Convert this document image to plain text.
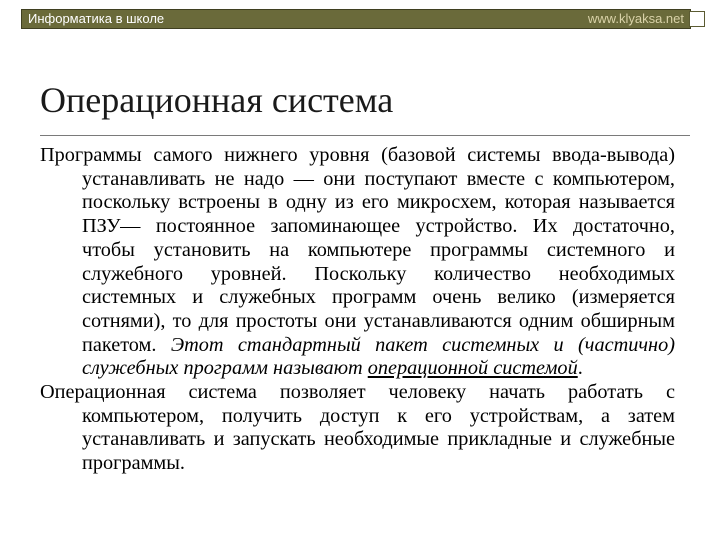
Информатика в школе	www.klyaksa.net
Операционная система

Программы самого нижнего уровня (базовой системы ввода-вывода) устанавливать не надо — они поступают вместе с компьютером, поскольку встроены в одну из его микросхем, которая называется ПЗУ— постоянное запоминающее устройство. Их достаточно, чтобы установить на компьютере программы системного и служебного уровней. Поскольку количество необходимых системных и служебных программ очень велико (измеряется сотнями), то для простоты они устанавливаются одним обширным пакетом. Этот стандартный пакет системных и (частично) служебных программ называют операционной системой.

Операционная система позволяет человеку начать работать с компьютером, получить доступ к его устройствам, а затем устанавливать и запускать необходимые прикладные и служебные программы.
